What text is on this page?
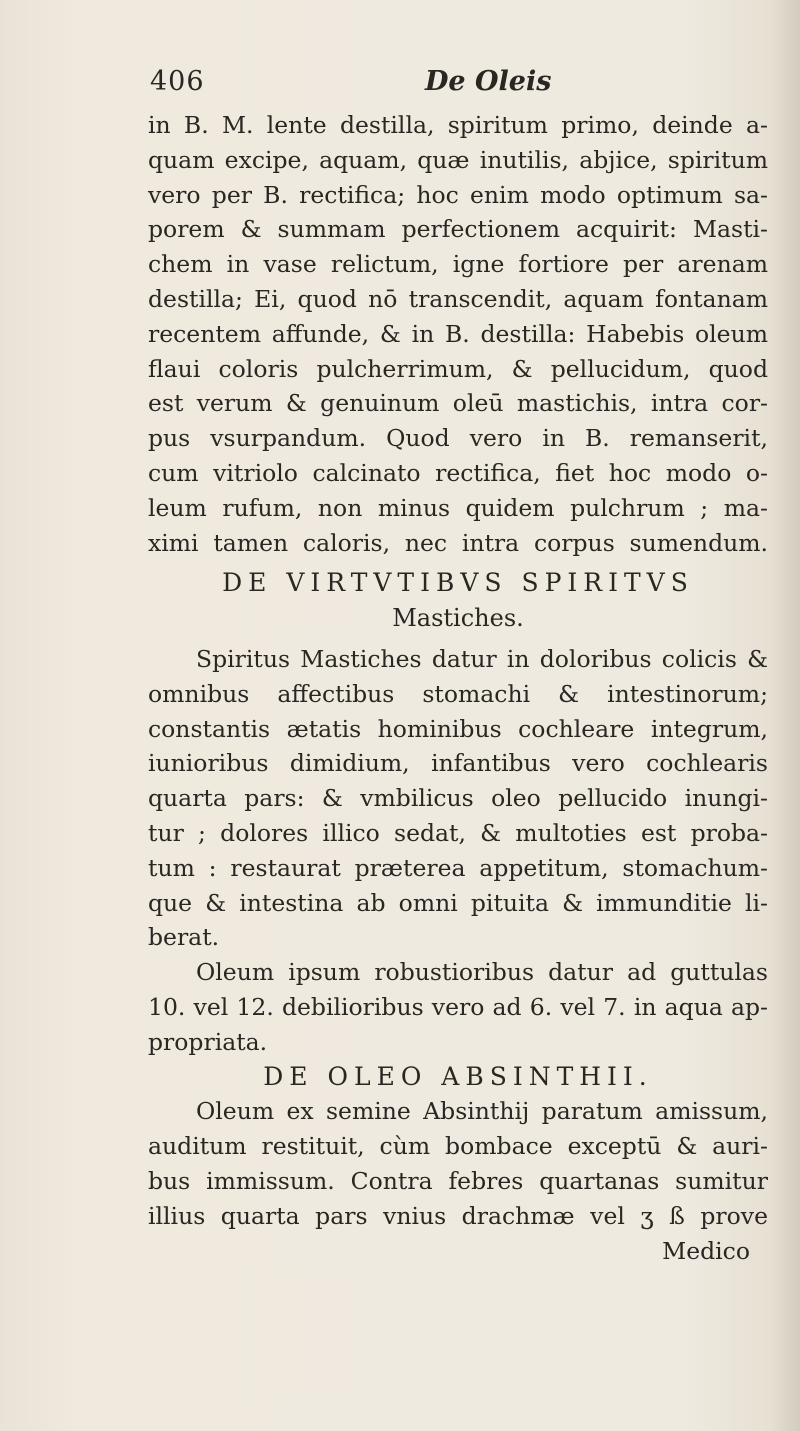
406	De Oleis
in B. M. lente destilla, spiritum primo, deinde a-
quam excipe, aquam, quæ inutilis, abjice, spiritum
vero per B. rectifica; hoc enim modo optimum sa-
porem & summam perfectionem acquirit: Masti-
chem in vase relictum, igne fortiore per arenam
destilla; Ei, quod nō transcendit, aquam fontanam
recentem affunde, & in B. destilla: Habebis oleum
flaui coloris pulcherrimum, & pellucidum, quod
est verum & genuinum oleū mastichis, intra cor-
pus vsurpandum. Quod vero in B. remanserit,
cum vitriolo calcinato rectifica, fiet hoc modo o-
leum rufum, non minus quidem pulchrum ; ma-
ximi tamen caloris, nec intra corpus sumendum.
DE VIRTVTIBVS SPIRITVS
Mastiches.
Spiritus Mastiches datur in doloribus colicis &
omnibus affectibus stomachi & intestinorum;
constantis ætatis hominibus cochleare integrum,
iunioribus dimidium, infantibus vero cochlearis
quarta pars: & vmbilicus oleo pellucido inungi-
tur ; dolores illico sedat, & multoties est proba-
tum : restaurat præterea appetitum, stomachum-
que & intestina ab omni pituita & immunditie li-
berat.
Oleum ipsum robustioribus datur ad guttulas
10. vel 12. debilioribus vero ad 6. vel 7. in aqua ap-
propriata.
DE OLEO ABSINTHII.
Oleum ex semine Absinthij paratum amissum,
auditum restituit, cùm bombace exceptū & auri-
bus immissum. Contra febres quartanas sumitur
illius quarta pars vnius drachmæ vel ʒ ß prove
Medico
